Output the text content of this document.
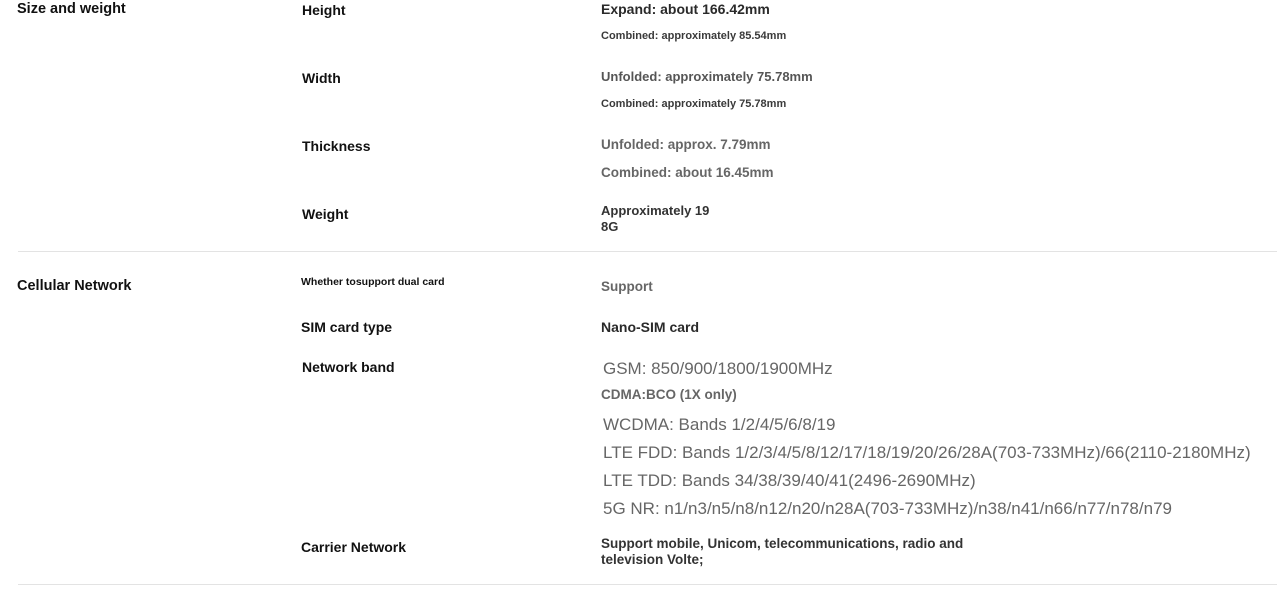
Size and weight	Height	Expand: about 166.42mm
Combined: approximately 85.54mm
Width	Unfolded: approximately 75.78mm
Combined: approximately 75.78mm
Thickness	Unfolded: approx. 7.79mm
Combined: about 16.45mm
Weight	Approximately 19 8G
Cellular Network	Whether tosupport dual card	Support
SIM card type	Nano-SIM card
Network band	GSM: 850/900/1800/1900MHz
CDMA:BCO (1X only)
WCDMA: Bands 1/2/4/5/6/8/19
LTE FDD: Bands 1/2/3/4/5/8/12/17/18/19/20/26/28A(703-733MHz)/66(2110-2180MHz)
LTE TDD: Bands 34/38/39/40/41(2496-2690MHz)
5G NR: n1/n3/n5/n8/n12/n20/n28A(703-733MHz)/n38/n41/n66/n77/n78/n79
Carrier Network	Support mobile, Unicom, telecommunications, radio and television Volte;
